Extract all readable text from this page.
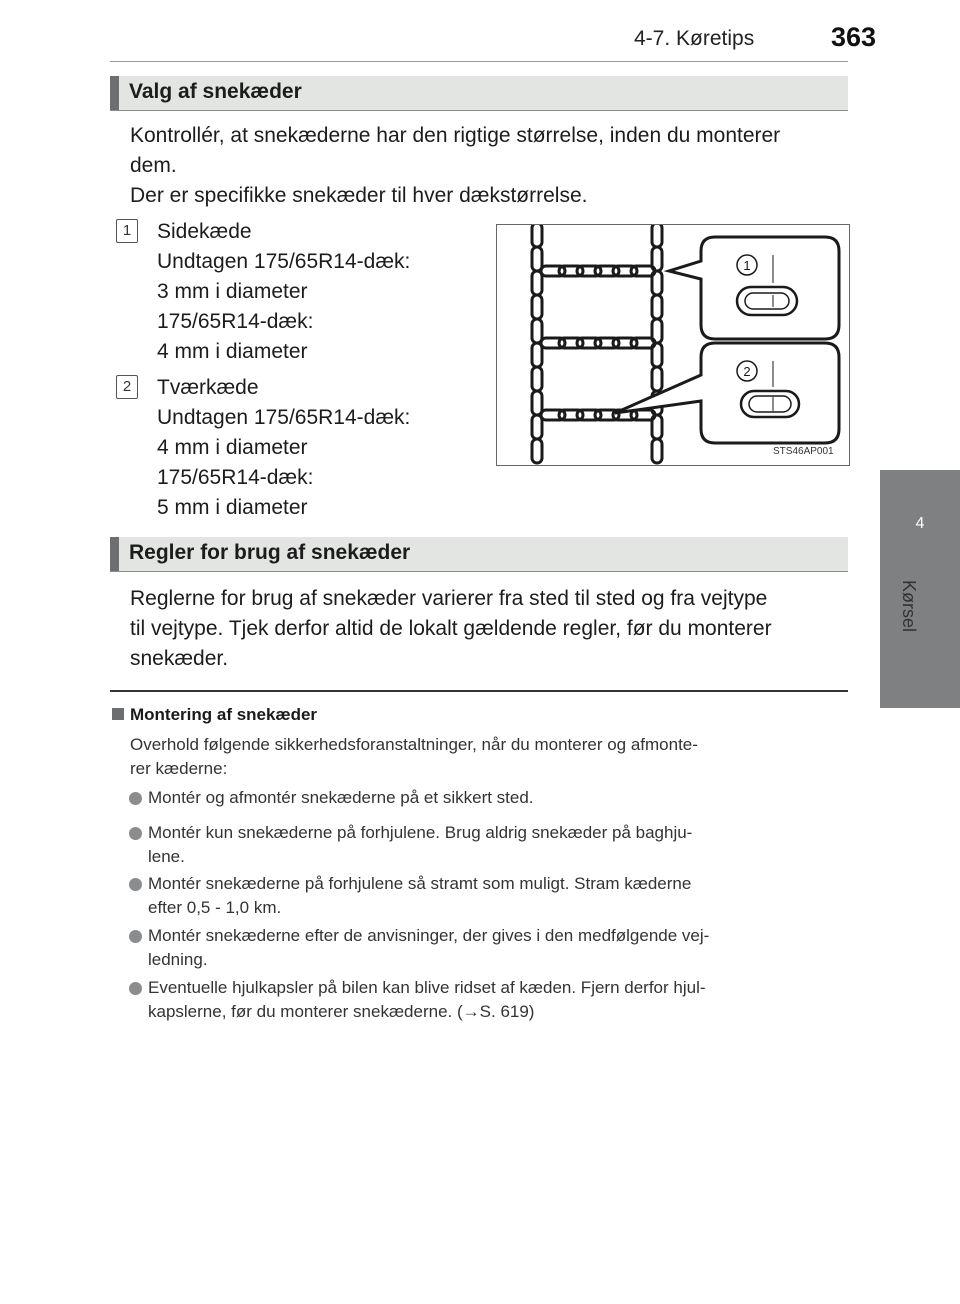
4-7. Køretips	363
4
Kørsel
Valg af snekæder
Kontrollér, at snekæderne har den rigtige størrelse, inden du monterer
dem.
Der er specifikke snekæder til hver dækstørrelse.
1	Sidekæde
Undtagen 175/65R14-dæk:
3 mm i diameter
175/65R14-dæk:
4 mm i diameter
2	Tværkæde
Undtagen 175/65R14-dæk:
4 mm i diameter
175/65R14-dæk:
5 mm i diameter
1
2
STS46AP001
Regler for brug af snekæder
Reglerne for brug af snekæder varierer fra sted til sted og fra vejtype
til vejtype. Tjek derfor altid de lokalt gældende regler, før du monterer
snekæder.
Montering af snekæder
Overhold følgende sikkerhedsforanstaltninger, når du monterer og afmonte-
rer kæderne:
Montér og afmontér snekæderne på et sikkert sted.
Montér kun snekæderne på forhjulene. Brug aldrig snekæder på baghju-
lene.
Montér snekæderne på forhjulene så stramt som muligt. Stram kæderne
efter 0,5 - 1,0 km.
Montér snekæderne efter de anvisninger, der gives i den medfølgende vej-
ledning.
Eventuelle hjulkapsler på bilen kan blive ridset af kæden. Fjern derfor hjul-
kapslerne, før du monterer snekæderne. (→S. 619)
